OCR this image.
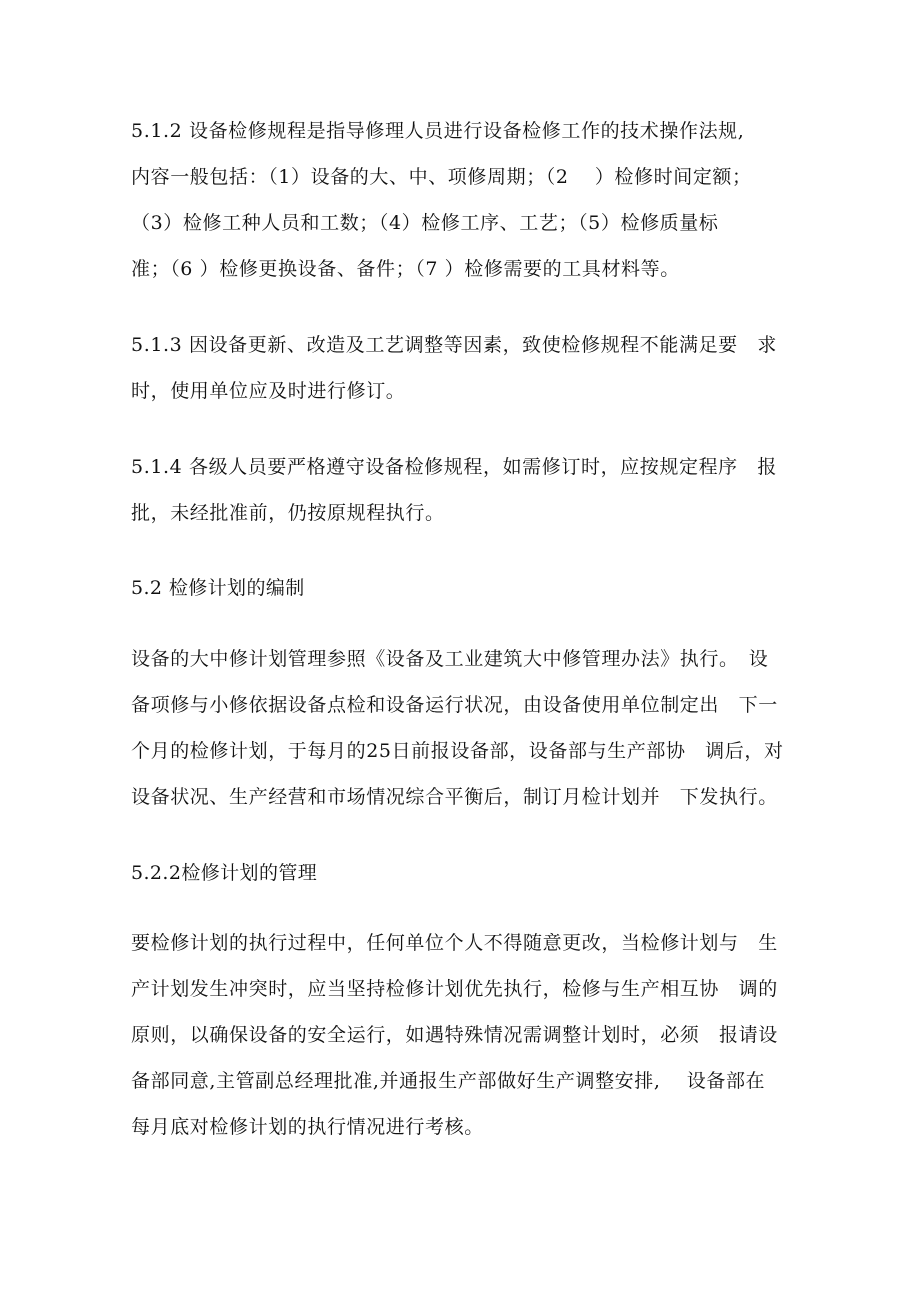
5.1.2 设备检修规程是指导修理人员进行设备检修工作的技术操作法规,
内容一般包括：（1）设备的大、中、项修周期；（2　 ）检修时间定额；
（3）检修工种人员和工数；（4）检修工序、工艺；（5）检修质量标
准；（6 ）检修更换设备、备件；（7 ）检修需要的工具材料等。
5.1.3 因设备更新、改造及工艺调整等因素，致使检修规程不能满足要　求
时，使用单位应及时进行修订。
5.1.4 各级人员要严格遵守设备检修规程，如需修订时，应按规定程序　报
批，未经批准前，仍按原规程执行。
5.2 检修计划的编制
设备的大中修计划管理参照《设备及工业建筑大中修管理办法》执行。　设
备项修与小修依据设备点检和设备运行状况，由设备使用单位制定出　下一
个月的检修计划，于每月的25日前报设备部，设备部与生产部协　调后，对
设备状况、生产经营和市场情况综合平衡后，制订月检计划并　下发执行。
5.2.2检修计划的管理
要检修计划的执行过程中，任何单位个人不得随意更改，当检修计划与　生
产计划发生冲突时，应当坚持检修计划优先执行，检修与生产相互协　调的
原则，以确保设备的安全运行，如遇特殊情况需调整计划时，必须　报请设
备部同意,主管副总经理批准,并通报生产部做好生产调整安排,　 设备部在
每月底对检修计划的执行情况进行考核。
